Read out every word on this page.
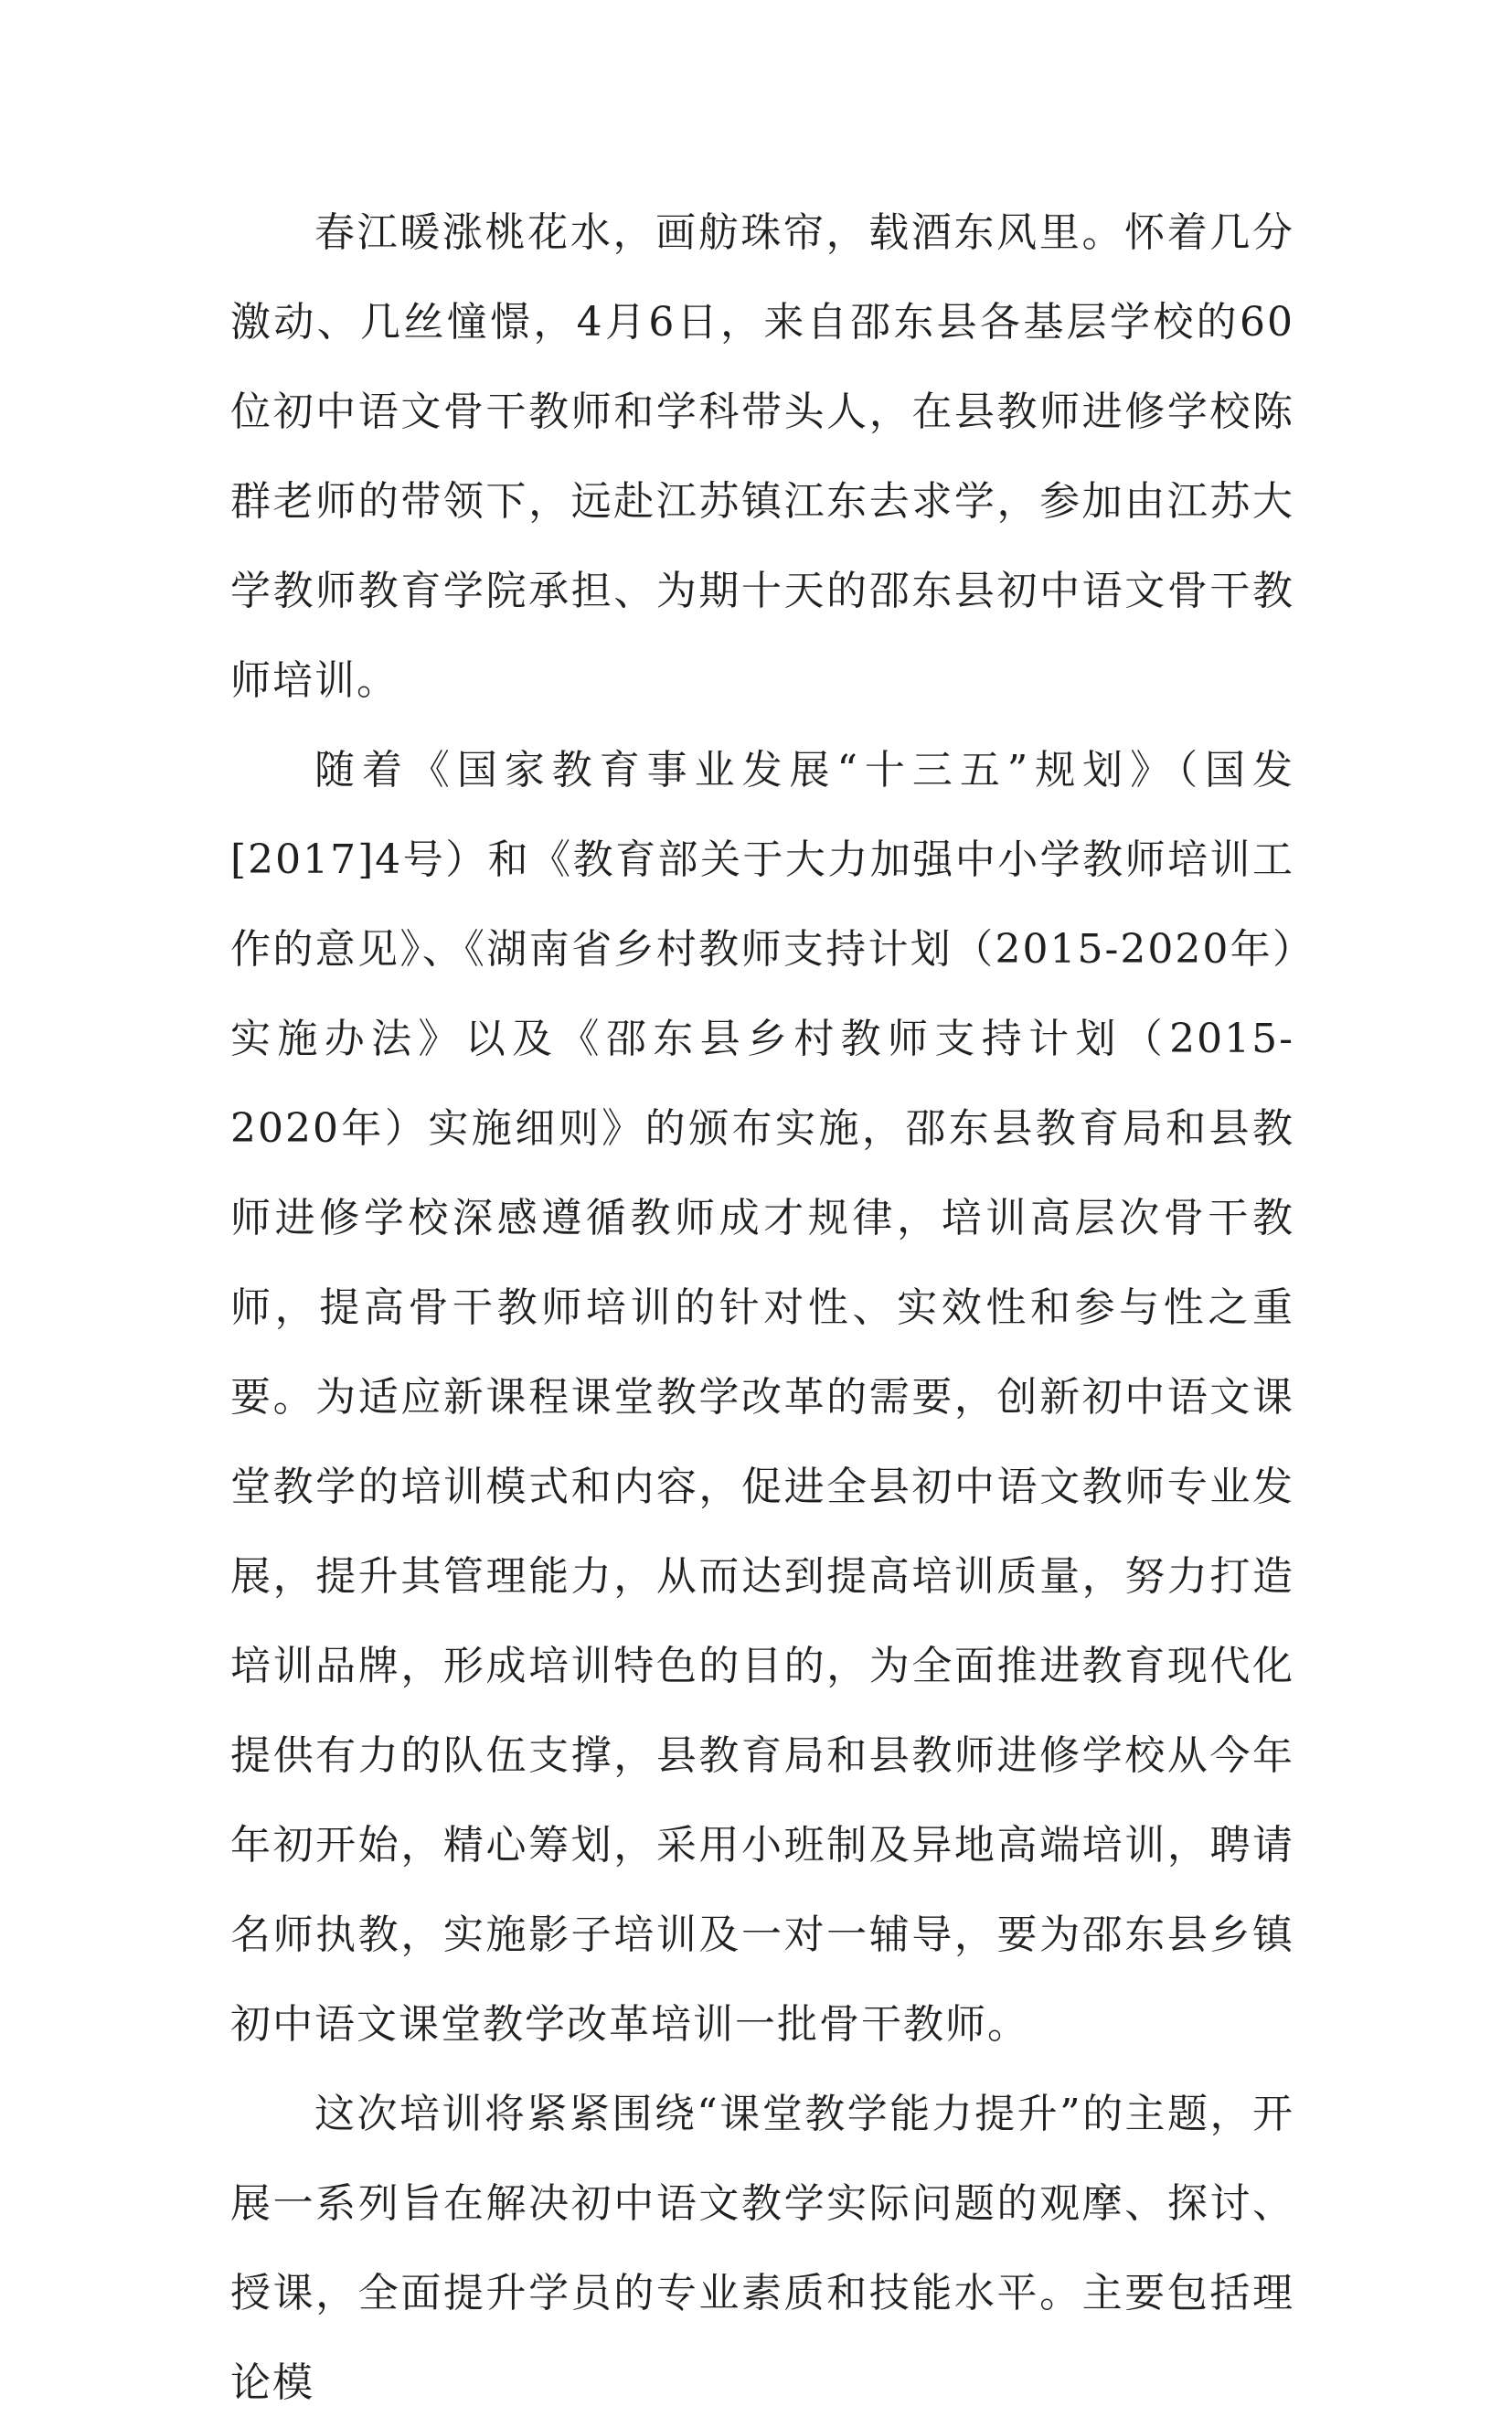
春江暖涨桃花水，画舫珠帘，载酒东风里。怀着几分激动、几丝憧憬，4月6日，来自邵东县各基层学校的60位初中语文骨干教师和学科带头人，在县教师进修学校陈群老师的带领下，远赴江苏镇江东去求学，参加由江苏大学教师教育学院承担、为期十天的邵东县初中语文骨干教师培训。

随着《国家教育事业发展“十三五”规划》（国发[2017]4号）和《教育部关于大力加强中小学教师培训工作的意见》、《湖南省乡村教师支持计划（2015-2020年）实施办法》以及《邵东县乡村教师支持计划（2015-2020年）实施细则》的颁布实施，邵东县教育局和县教师进修学校深感遵循教师成才规律，培训高层次骨干教师，提高骨干教师培训的针对性、实效性和参与性之重要。为适应新课程课堂教学改革的需要，创新初中语文课堂教学的培训模式和内容，促进全县初中语文教师专业发展，提升其管理能力，从而达到提高培训质量，努力打造培训品牌，形成培训特色的目的，为全面推进教育现代化提供有力的队伍支撑，县教育局和县教师进修学校从今年年初开始，精心筹划，采用小班制及异地高端培训，聘请名师执教，实施影子培训及一对一辅导，要为邵东县乡镇初中语文课堂教学改革培训一批骨干教师。

这次培训将紧紧围绕“课堂教学能力提升”的主题，开展一系列旨在解决初中语文教学实际问题的观摩、探讨、授课，全面提升学员的专业素质和技能水平。主要包括理论模
